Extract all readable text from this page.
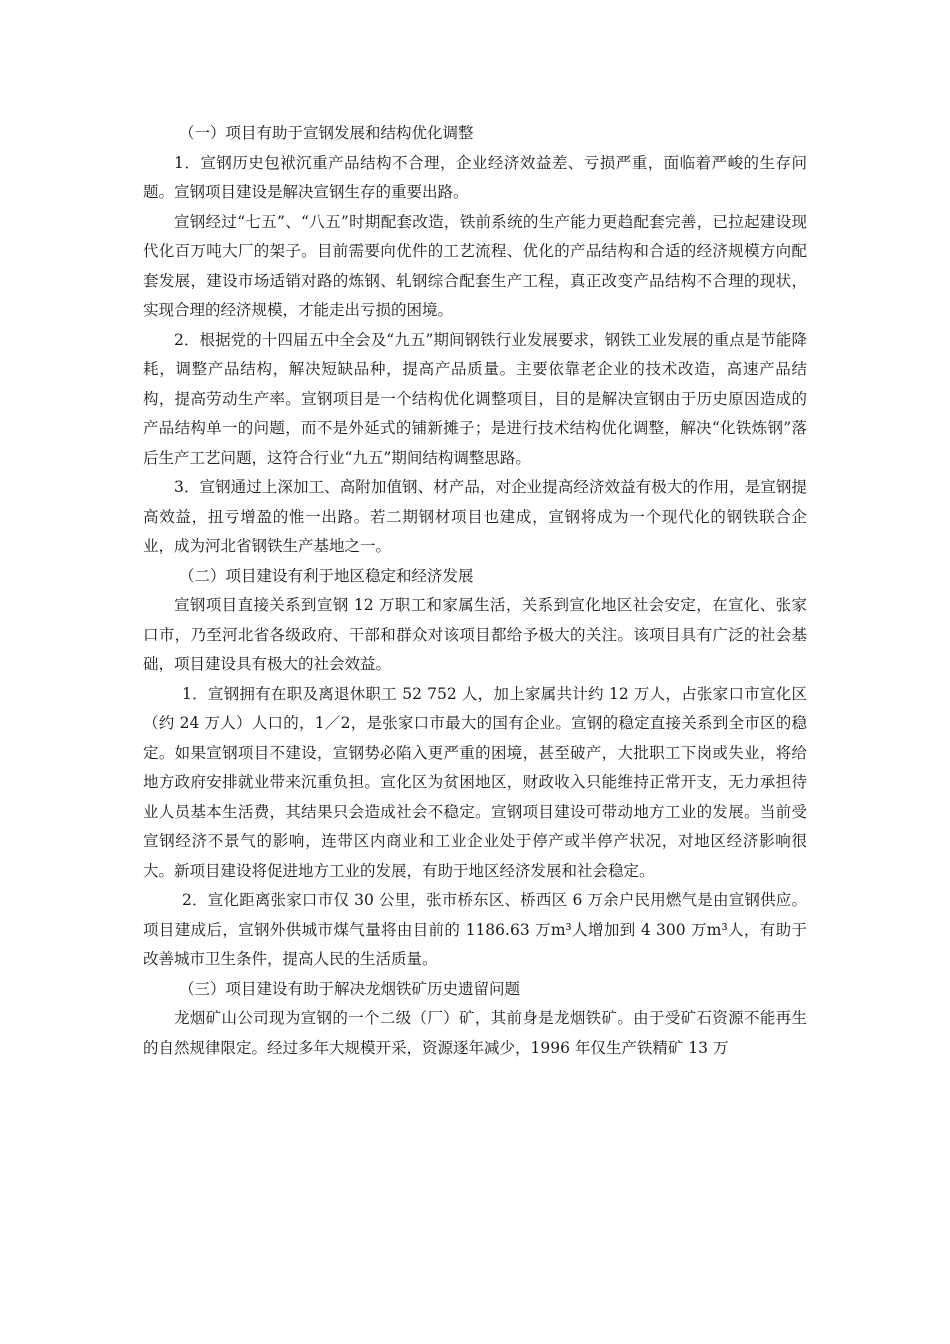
（一）项目有助于宣钢发展和结构优化调整

1．宣钢历史包袱沉重产品结构不合理，企业经济效益差、亏损严重，面临着严峻的生存问题。宣钢项目建设是解决宣钢生存的重要出路。

宣钢经过“七五”、“八五”时期配套改造，铁前系统的生产能力更趋配套完善，已拉起建设现代化百万吨大厂的架子。目前需要向优件的工艺流程、优化的产品结构和合适的经济规模方向配套发展，建设市场适销对路的炼钢、轧钢综合配套生产工程，真正改变产品结构不合理的现状，实现合理的经济规模，才能走出亏损的困境。

2．根据党的十四届五中全会及“九五”期间钢铁行业发展要求，钢铁工业发展的重点是节能降耗，调整产品结构，解决短缺品种，提高产品质量。主要依靠老企业的技术改造，高速产品结构，提高劳动生产率。宣钢项目是一个结构优化调整项目，目的是解决宣钢由于历史原因造成的产品结构单一的问题，而不是外延式的铺新摊子；是进行技术结构优化调整，解决“化铁炼钢”落后生产工艺问题，这符合行业“九五”期间结构调整思路。

3．宣钢通过上深加工、高附加值钢、材产品，对企业提高经济效益有极大的作用，是宣钢提高效益，扭亏增盈的惟一出路。若二期钢材项目也建成，宣钢将成为一个现代化的钢铁联合企业，成为河北省钢铁生产基地之一。

（二）项目建设有利于地区稳定和经济发展

宣钢项目直接关系到宣钢 12 万职工和家属生活，关系到宣化地区社会安定，在宣化、张家口市，乃至河北省各级政府、干部和群众对该项目都给予极大的关注。该项目具有广泛的社会基础，项目建设具有极大的社会效益。

1．宣钢拥有在职及离退休职工 52 752 人，加上家属共计约 12 万人，占张家口市宣化区（约 24 万人）人口的，1／2，是张家口市最大的国有企业。宣钢的稳定直接关系到全市区的稳定。如果宣钢项目不建设，宣钢势必陷入更严重的困境，甚至破产，大批职工下岗或失业，将给地方政府安排就业带来沉重负担。宣化区为贫困地区，财政收入只能维持正常开支，无力承担待业人员基本生活费，其结果只会造成社会不稳定。宣钢项目建设可带动地方工业的发展。当前受宣钢经济不景气的影响，连带区内商业和工业企业处于停产或半停产状况，对地区经济影响很大。新项目建设将促进地方工业的发展，有助于地区经济发展和社会稳定。

2．宣化距离张家口市仅 30 公里，张市桥东区、桥西区 6 万余户民用燃气是由宣钢供应。项目建成后，宣钢外供城市煤气量将由目前的 1186.63 万m³人增加到 4 300 万m³人，有助于改善城市卫生条件，提高人民的生活质量。

（三）项目建设有助于解决龙烟铁矿历史遗留问题

龙烟矿山公司现为宣钢的一个二级（厂）矿，其前身是龙烟铁矿。由于受矿石资源不能再生的自然规律限定。经过多年大规模开采，资源逐年减少，1996 年仅生产铁精矿 13 万
